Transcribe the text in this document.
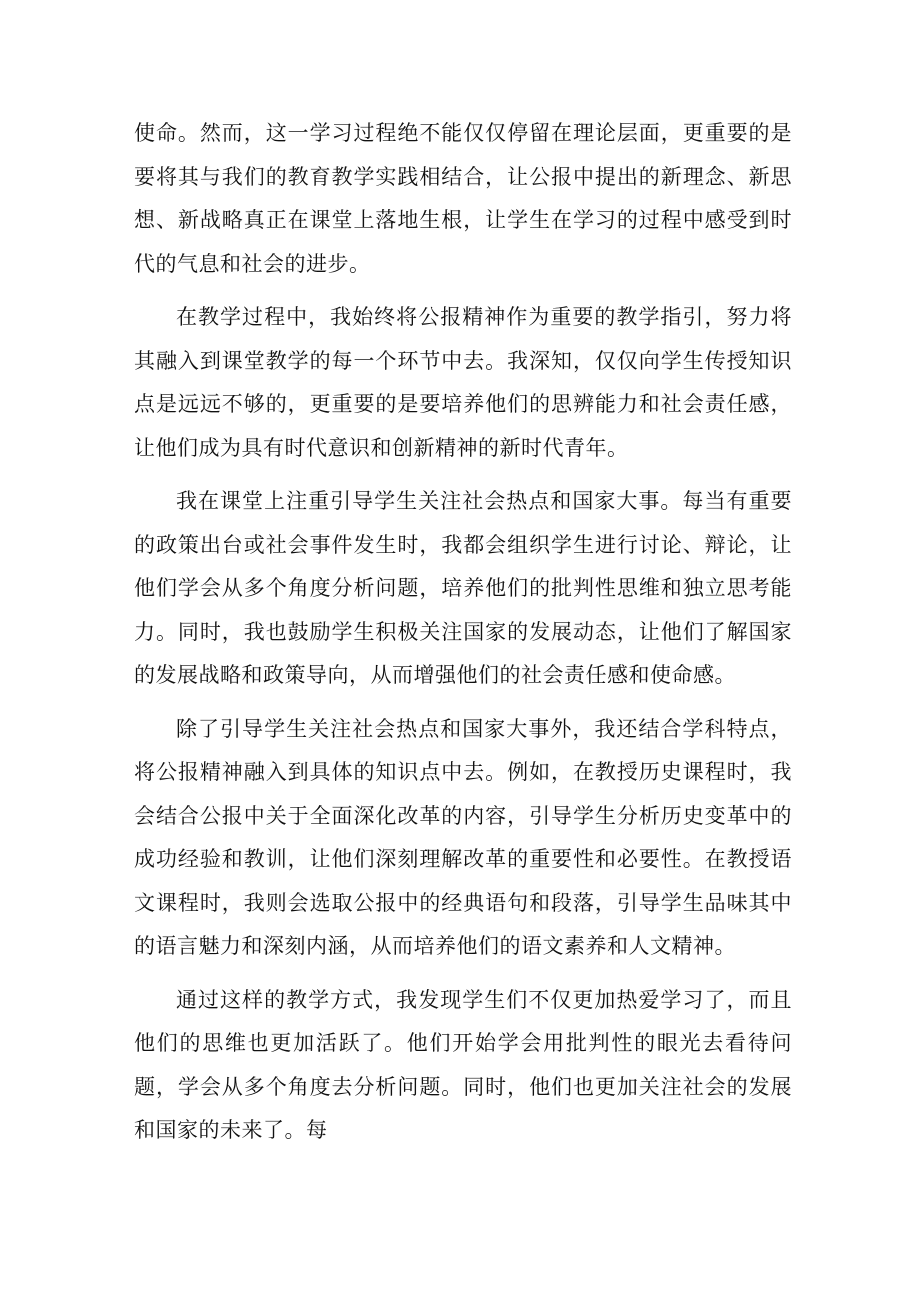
使命。然而，这一学习过程绝不能仅仅停留在理论层面，更重要的是要将其与我们的教育教学实践相结合，让公报中提出的新理念、新思想、新战略真正在课堂上落地生根，让学生在学习的过程中感受到时代的气息和社会的进步。

在教学过程中，我始终将公报精神作为重要的教学指引，努力将其融入到课堂教学的每一个环节中去。我深知，仅仅向学生传授知识点是远远不够的，更重要的是要培养他们的思辨能力和社会责任感，让他们成为具有时代意识和创新精神的新时代青年。

我在课堂上注重引导学生关注社会热点和国家大事。每当有重要的政策出台或社会事件发生时，我都会组织学生进行讨论、辩论，让他们学会从多个角度分析问题，培养他们的批判性思维和独立思考能力。同时，我也鼓励学生积极关注国家的发展动态，让他们了解国家的发展战略和政策导向，从而增强他们的社会责任感和使命感。

除了引导学生关注社会热点和国家大事外，我还结合学科特点，将公报精神融入到具体的知识点中去。例如，在教授历史课程时，我会结合公报中关于全面深化改革的内容，引导学生分析历史变革中的成功经验和教训，让他们深刻理解改革的重要性和必要性。在教授语文课程时，我则会选取公报中的经典语句和段落，引导学生品味其中的语言魅力和深刻内涵，从而培养他们的语文素养和人文精神。

通过这样的教学方式，我发现学生们不仅更加热爱学习了，而且他们的思维也更加活跃了。他们开始学会用批判性的眼光去看待问题，学会从多个角度去分析问题。同时，他们也更加关注社会的发展和国家的未来了。每
